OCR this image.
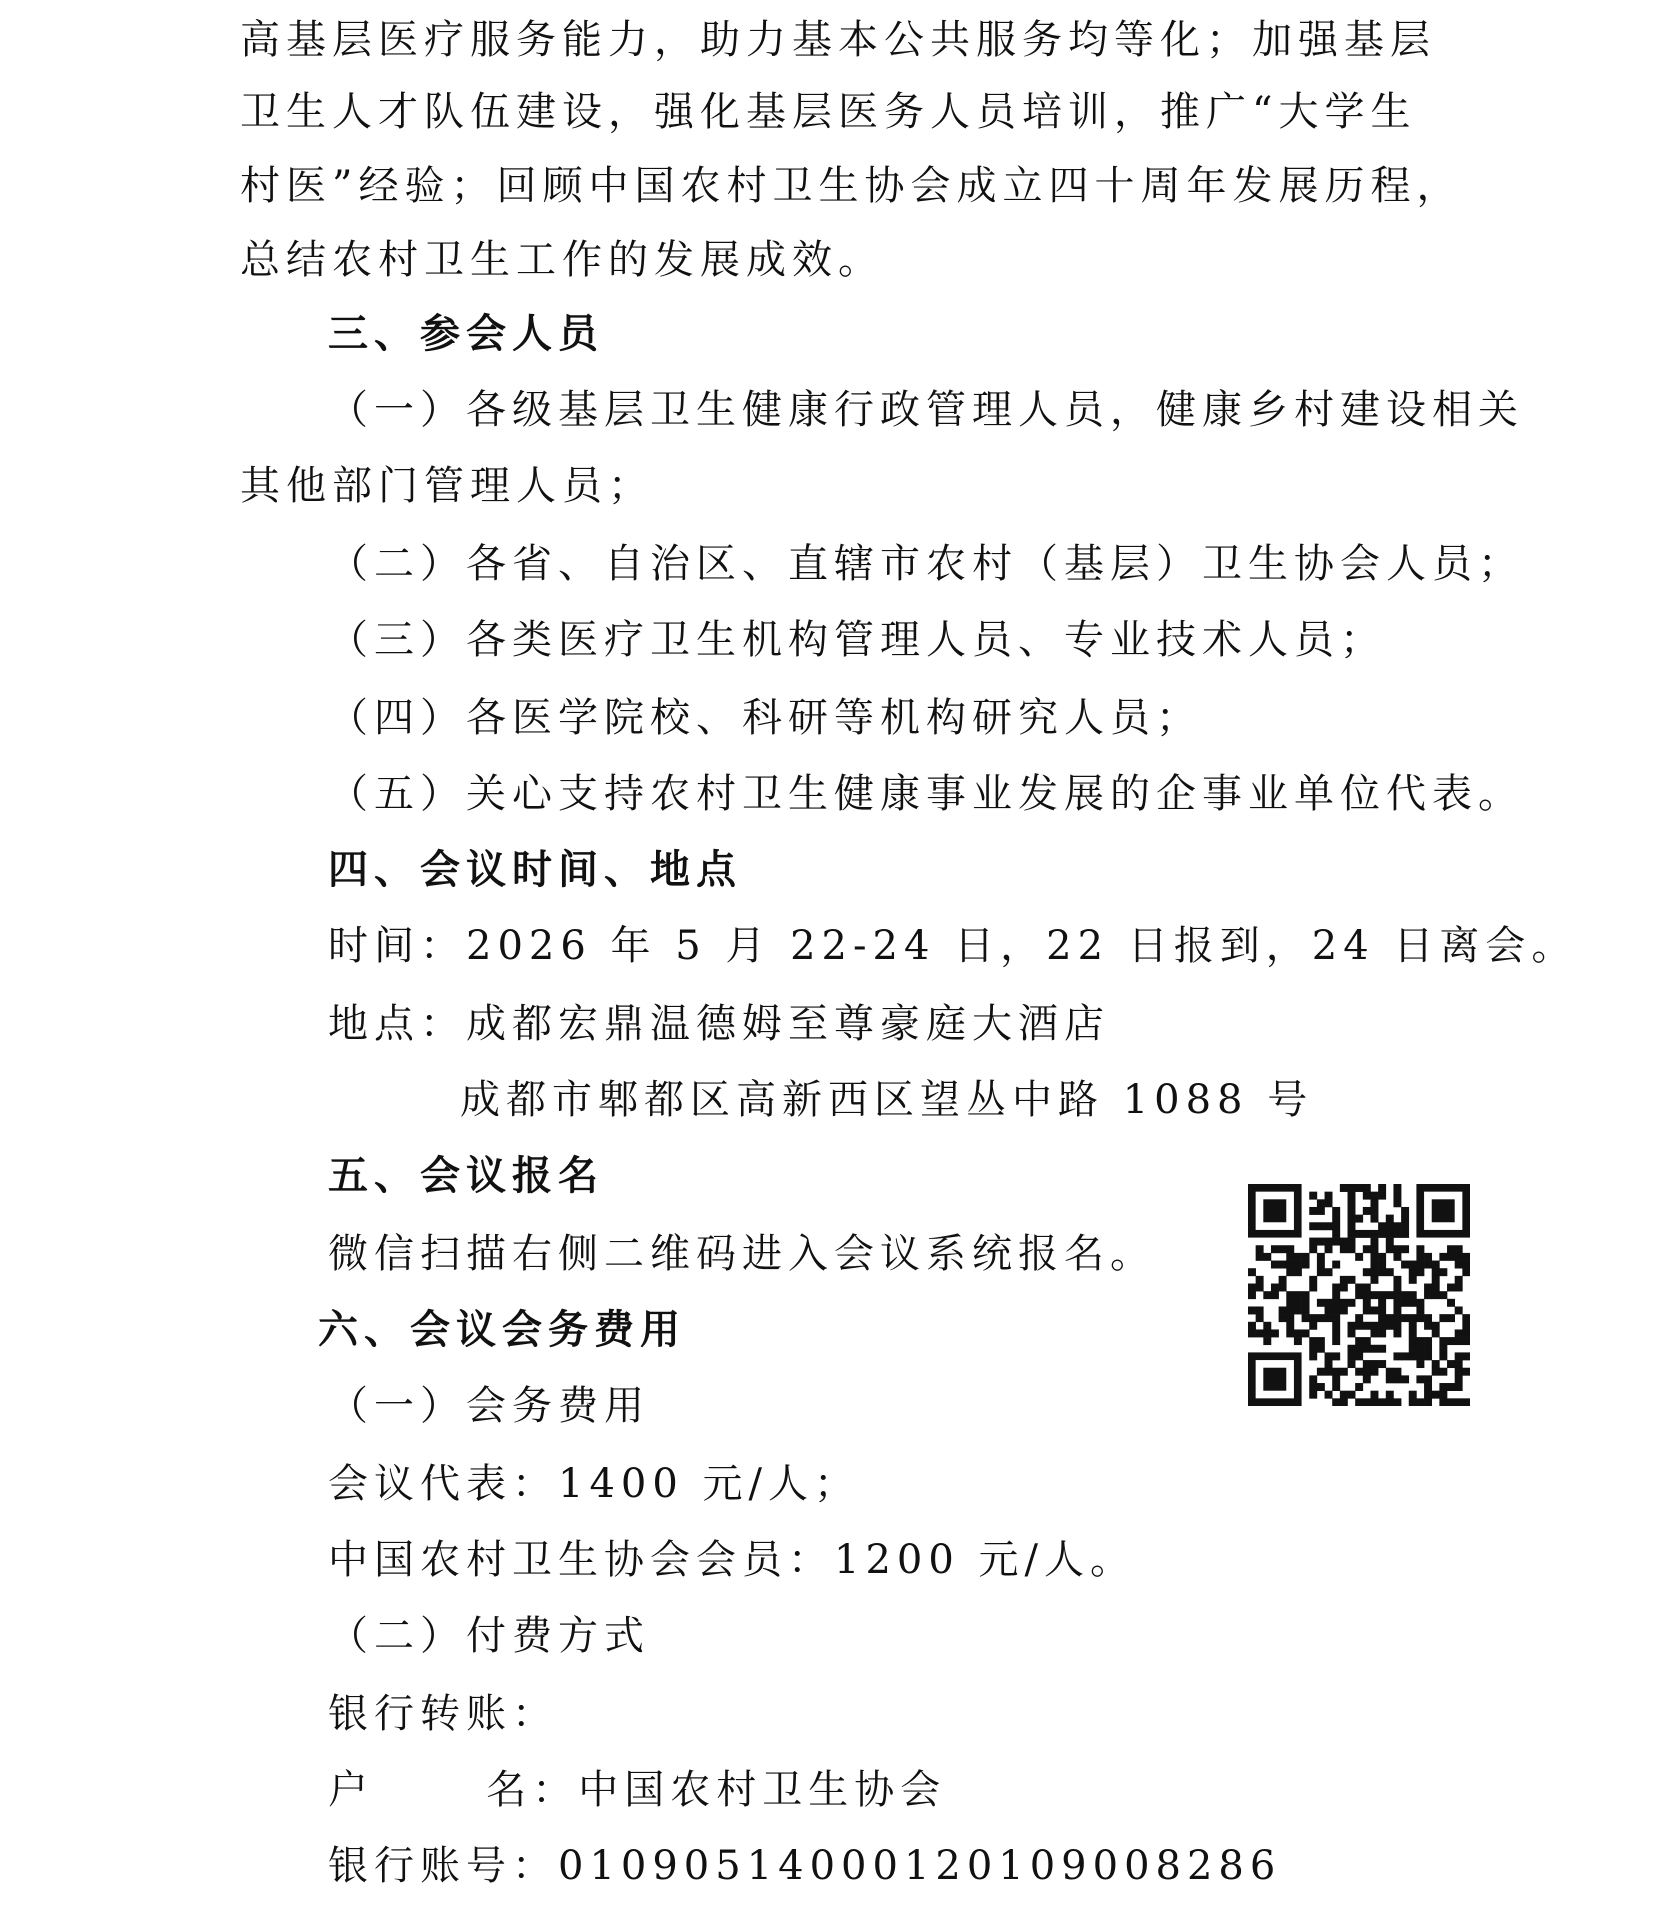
高基层医疗服务能力，助力基本公共服务均等化；加强基层
卫生人才队伍建设，强化基层医务人员培训，推广“大学生
村医”经验；回顾中国农村卫生协会成立四十周年发展历程，
总结农村卫生工作的发展成效。
三、参会人员
（一）各级基层卫生健康行政管理人员，健康乡村建设相关
其他部门管理人员；
（二）各省、自治区、直辖市农村（基层）卫生协会人员；
（三）各类医疗卫生机构管理人员、专业技术人员；
（四）各医学院校、科研等机构研究人员；
（五）关心支持农村卫生健康事业发展的企事业单位代表。
四、会议时间、地点
时间：2026 年 5 月 22-24 日，22 日报到，24 日离会。
地点：成都宏鼎温德姆至尊豪庭大酒店
成都市郫都区高新西区望丛中路 1088 号
五、会议报名
微信扫描右侧二维码进入会议系统报名。
六、会议会务费用
（一）会务费用
会议代表：1400 元/人；
中国农村卫生协会会员：1200 元/人。
（二）付费方式
银行转账：
户      名：中国农村卫生协会
银行账号：0109051400012010900828​6
